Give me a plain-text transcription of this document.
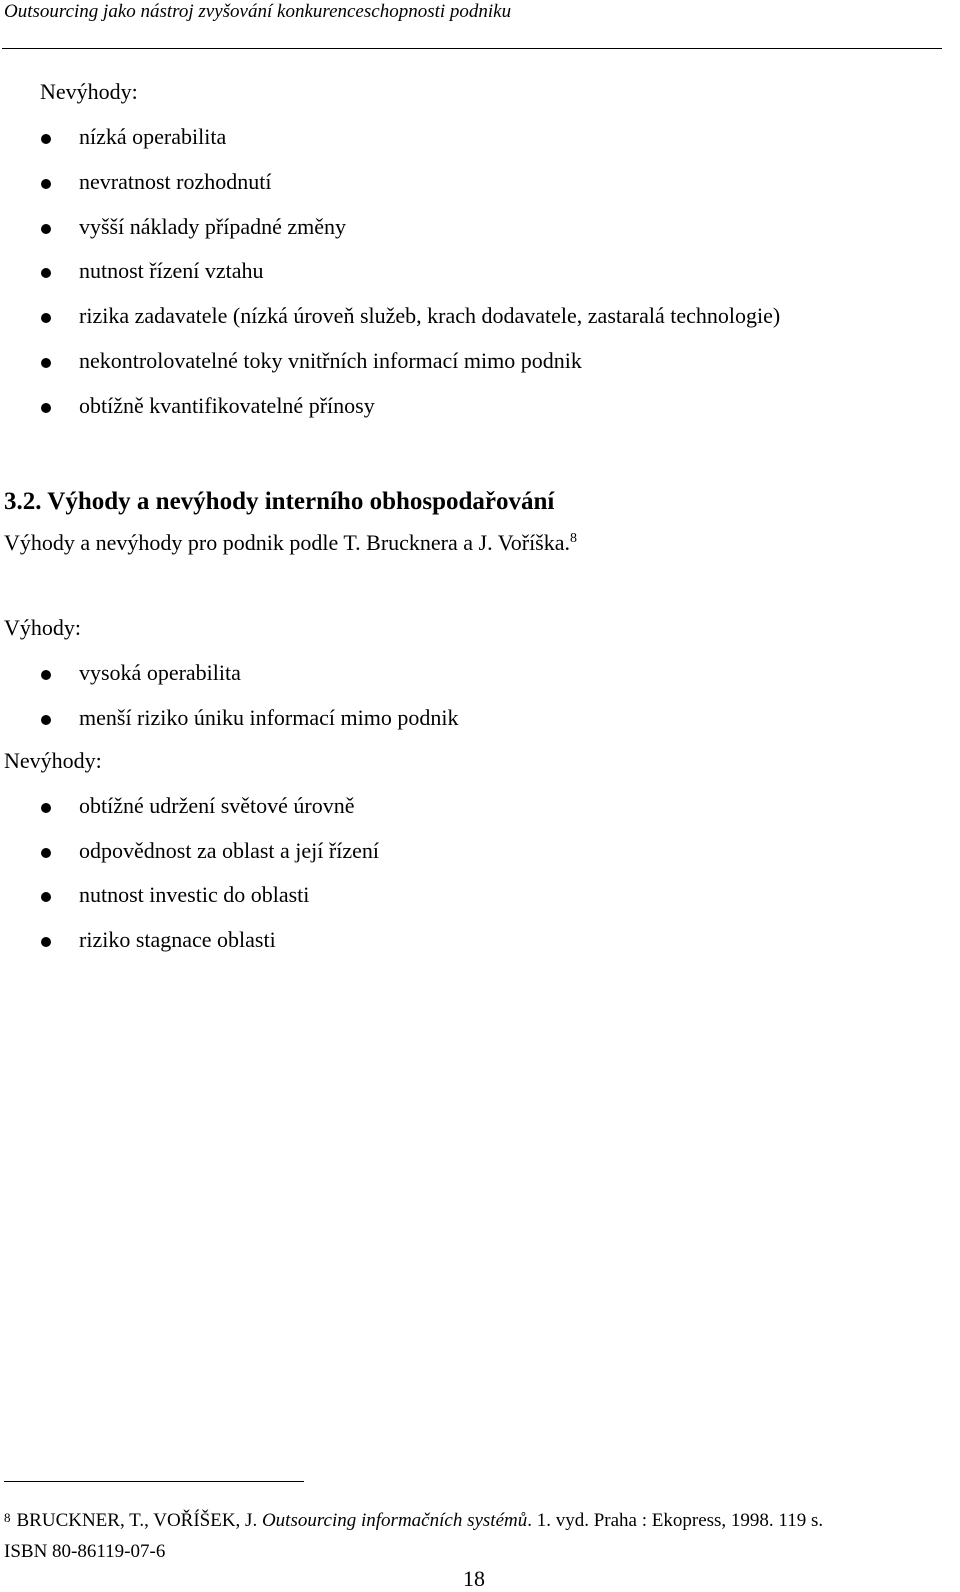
Outsourcing jako nástroj zvyšování konkurenceschopnosti podniku
Nevýhody:
nízká operabilita
nevratnost rozhodnutí
vyšší náklady případné změny
nutnost řízení vztahu
rizika zadavatele (nízká úroveň služeb, krach dodavatele, zastaralá technologie)
nekontrolovatelné toky vnitřních informací mimo podnik
obtížně kvantifikovatelné přínosy
3.2. Výhody a nevýhody interního obhospodařování
Výhody a nevýhody pro podnik podle T. Brucknera a J. Voříška.$^8$
Výhody:
vysoká operabilita
menší riziko úniku informací mimo podnik
Nevýhody:
obtížné udržení světové úrovně
odpovědnost za oblast a její řízení
nutnost investic do oblasti
riziko stagnace oblasti
$^8$ BRUCKNER, T., VOŘÍŠEK, J. Outsourcing informačních systémů. 1. vyd. Praha : Ekopress, 1998. 119 s.
ISBN 80-86119-07-6
18
